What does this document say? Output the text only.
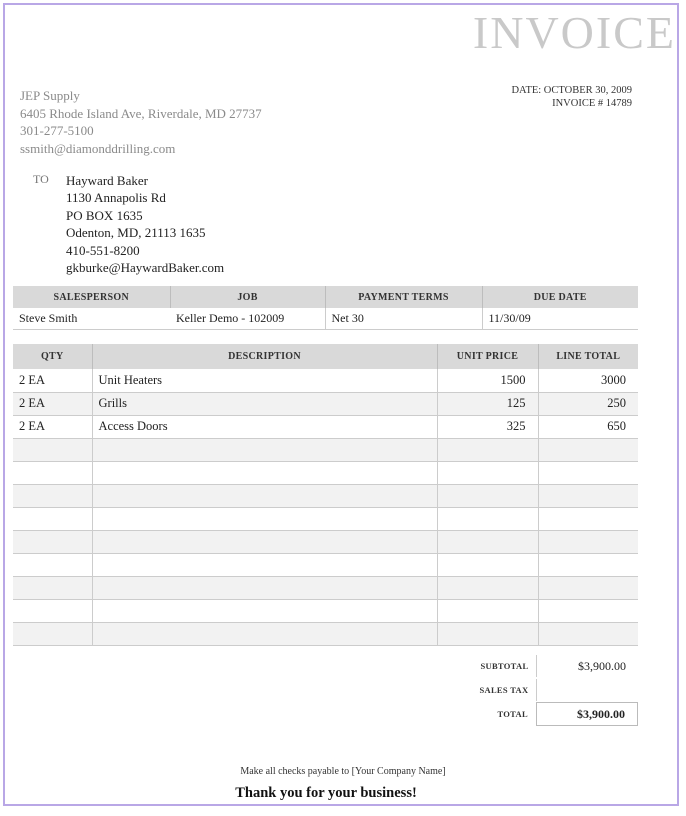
INVOICE
JEP Supply
6405 Rhode Island Ave, Riverdale, MD 27737
301-277-5100
ssmith@diamonddrilling.com
DATE: OCTOBER 30, 2009
INVOICE # 14789
TO Hayward Baker
1130 Annapolis Rd
PO BOX 1635
Odenton, MD, 21113 1635
410-551-8200
gkburke@HaywardBaker.com
SALESPERSON	JOB	PAYMENT TERMS	DUE DATE
Steve Smith	Keller Demo - 102009	Net 30	11/30/09
QTY	DESCRIPTION	UNIT PRICE	LINE TOTAL
2 EA	Unit Heaters	1500	3000
2 EA	Grills	125	250
2 EA	Access Doors	325	650

SUBTOTAL	$3,900.00
SALES TAX
TOTAL	$3,900.00
Make all checks payable to [Your Company Name]
Thank you for your business!
